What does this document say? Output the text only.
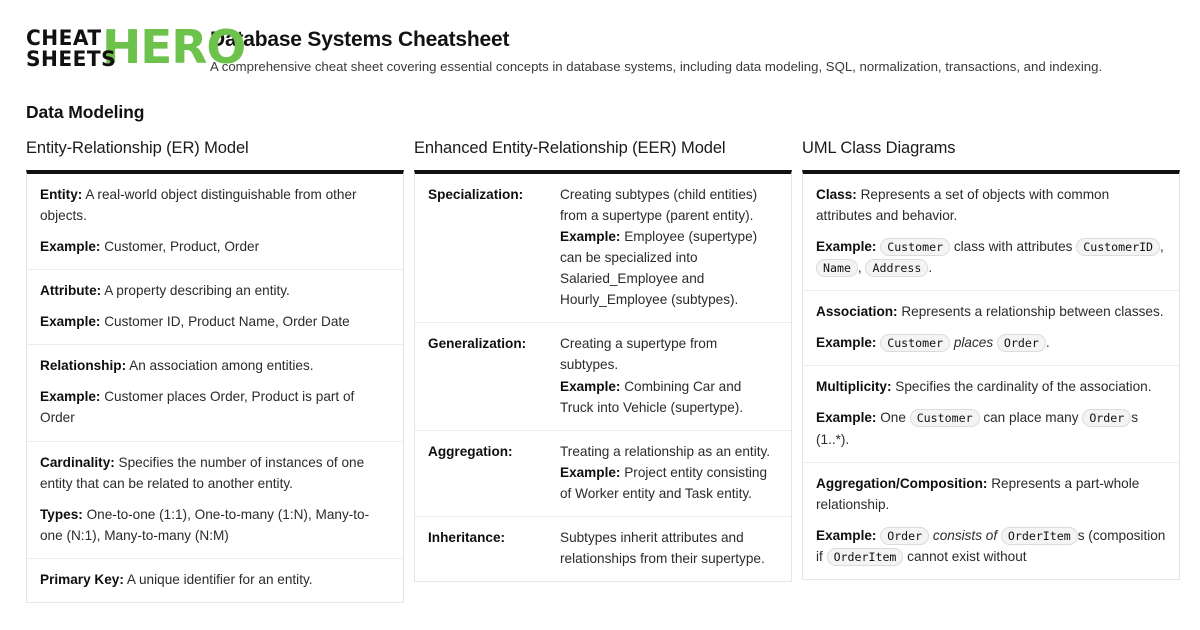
CHEAT
SHEETS
HERO
Database Systems Cheatsheet
A comprehensive cheat sheet covering essential concepts in database systems, including data modeling, SQL, normalization, transactions, and indexing.
Data Modeling
Entity-Relationship (ER) Model
Entity: A real-world object distinguishable from other objects.
Example: Customer, Product, Order
Attribute: A property describing an entity.
Example: Customer ID, Product Name, Order Date
Relationship: An association among entities.
Example: Customer places Order, Product is part of Order
Cardinality: Specifies the number of instances of one entity that can be related to another entity.
Types: One-to-one (1:1), One-to-many (1:N), Many-to-one (N:1), Many-to-many (N:M)
Primary Key: A unique identifier for an entity.
Enhanced Entity-Relationship (EER) Model
Specialization:	Creating subtypes (child entities) from a supertype (parent entity).
Example: Employee (supertype) can be specialized into Salaried_Employee and Hourly_Employee (subtypes).
Generalization:	Creating a supertype from subtypes.
Example: Combining Car and Truck into Vehicle (supertype).
Aggregation:	Treating a relationship as an entity.
Example: Project entity consisting of Worker entity and Task entity.
Inheritance:	Subtypes inherit attributes and relationships from their supertype.
UML Class Diagrams
Class: Represents a set of objects with common attributes and behavior.
Example: Customer class with attributes CustomerID , Name , Address .
Association: Represents a relationship between classes.
Example: Customer places Order .
Multiplicity: Specifies the cardinality of the association.
Example: One Customer can place many Order s (1..*).
Aggregation/Composition: Represents a part-whole relationship.
Example: Order consists of OrderItem s (composition if OrderItem cannot exist without
